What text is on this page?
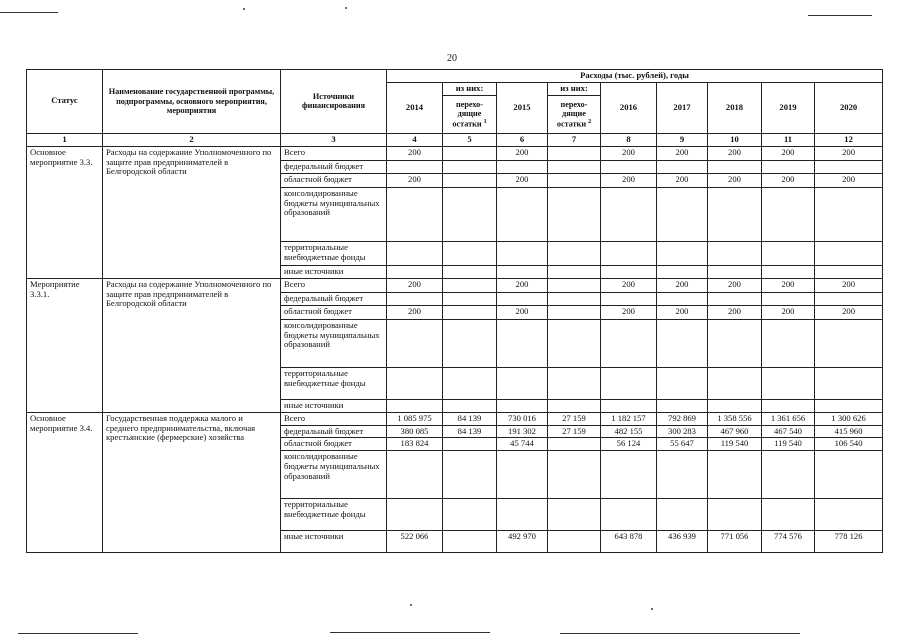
20
Статус	Наименование государственной программы, подпрограммы, основного мероприятия, мероприятия	Источники финансирования	Расходы (тыс. рублей), годы								
			2014	из них:	2015	из них:	2016	2017	2018	2019	2020
				перехо-дящие остатки $^1$		перехо-дящие остатки $^2$
1	2	3	4	5	6	7	8	9	10	11	12
Основное мероприятие 3.3.	Расходы на содержание Уполномоченного по защите прав предпринимателей в Белгородской области	Всего	200		200		200	200	200	200	200
		федеральный бюджет									
		областной бюджет	200		200		200	200	200	200	200
		консолидированные бюджеты муниципальных образований									
		территориальные внебюджетные фонды									
		иные источники									
Мероприятие 3.3.1.	Расходы на содержание Уполномоченного по защите прав предпринимателей в Белгородской области	Всего	200		200		200	200	200	200	200
		федеральный бюджет									
		областной бюджет	200		200		200	200	200	200	200
		консолидированные бюджеты муниципальных образований									
		территориальные внебюджетные фонды									
		иные источники									
Основное мероприятие 3.4.	Государственная поддержка малого и среднего предпринимательства, включая крестьянские (фермерские) хозяйства	Всего	1 085 975	84 139	730 016	27 159	1 182 157	792 869	1 358 556	1 361 656	1 300 626
		федеральный бюджет	380 085	84 139	191 302	27 159	482 155	300 283	467 960	467 540	415 960
		областной бюджет	183 824		45 744		56 124	55 647	119 540	119 540	106 540
		консолидированные бюджеты муниципальных образований									
		территориальные внебюджетные фонды									
		иные источники	522 066		492 970		643 878	436 939	771 056	774 576	778 126
